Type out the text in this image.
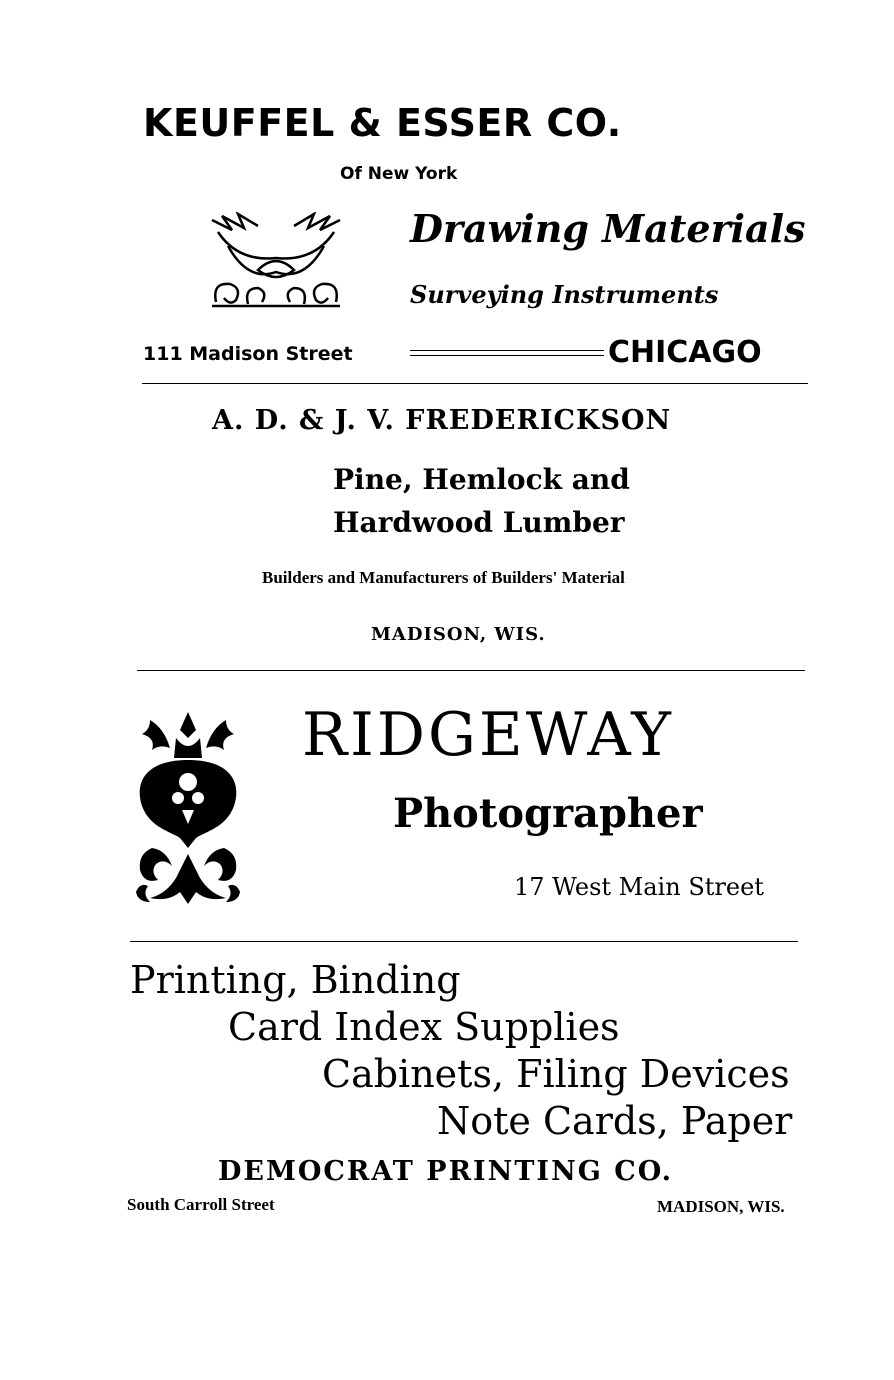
KEUFFEL & ESSER CO.
Of New York
Drawing Materials
Surveying Instruments
111 Madison Street	CHICAGO
A. D. & J. V. FREDERICKSON
Pine, Hemlock and
Hardwood Lumber
Builders and Manufacturers of Builders' Material
MADISON, WIS.
RIDGEWAY
Photographer
17 West Main Street
Printing, Binding
Card Index Supplies
Cabinets, Filing Devices
Note Cards, Paper
DEMOCRAT PRINTING CO.
South Carroll Street	MADISON, WIS.
